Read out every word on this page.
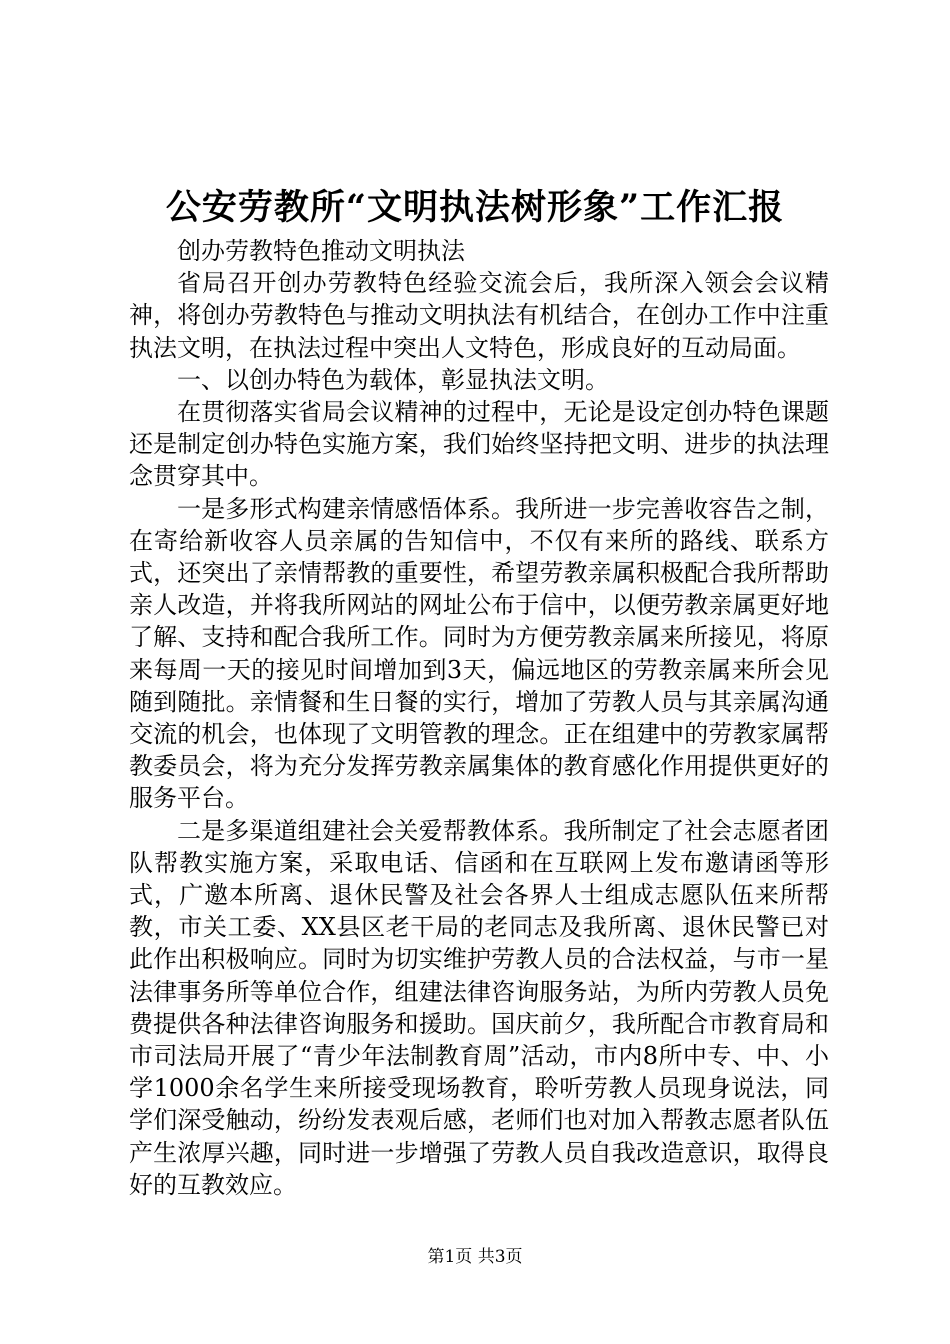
公安劳教所“文明执法树形象”工作汇报

创办劳教特色推动文明执法

省局召开创办劳教特色经验交流会后，我所深入领会会议精神，将创办劳教特色与推动文明执法有机结合，在创办工作中注重执法文明，在执法过程中突出人文特色，形成良好的互动局面。

一、以创办特色为载体，彰显执法文明。

在贯彻落实省局会议精神的过程中，无论是设定创办特色课题还是制定创办特色实施方案，我们始终坚持把文明、进步的执法理念贯穿其中。

一是多形式构建亲情感悟体系。我所进一步完善收容告之制，在寄给新收容人员亲属的告知信中，不仅有来所的路线、联系方式，还突出了亲情帮教的重要性，希望劳教亲属积极配合我所帮助亲人改造，并将我所网站的网址公布于信中，以便劳教亲属更好地了解、支持和配合我所工作。同时为方便劳教亲属来所接见，将原来每周一天的接见时间增加到3天，偏远地区的劳教亲属来所会见随到随批。亲情餐和生日餐的实行，增加了劳教人员与其亲属沟通交流的机会，也体现了文明管教的理念。正在组建中的劳教家属帮教委员会，将为充分发挥劳教亲属集体的教育感化作用提供更好的服务平台。

二是多渠道组建社会关爱帮教体系。我所制定了社会志愿者团队帮教实施方案，采取电话、信函和在互联网上发布邀请函等形式，广邀本所离、退休民警及社会各界人士组成志愿队伍来所帮教，市关工委、XX县区老干局的老同志及我所离、退休民警已对此作出积极响应。同时为切实维护劳教人员的合法权益，与市一星法律事务所等单位合作，组建法律咨询服务站，为所内劳教人员免费提供各种法律咨询服务和援助。国庆前夕，我所配合市教育局和市司法局开展了“青少年法制教育周”活动，市内8所中专、中、小学1000余名学生来所接受现场教育，聆听劳教人员现身说法，同学们深受触动，纷纷发表观后感，老师们也对加入帮教志愿者队伍产生浓厚兴趣，同时进一步增强了劳教人员自我改造意识，取得良好的互教效应。

第1页 共3页
